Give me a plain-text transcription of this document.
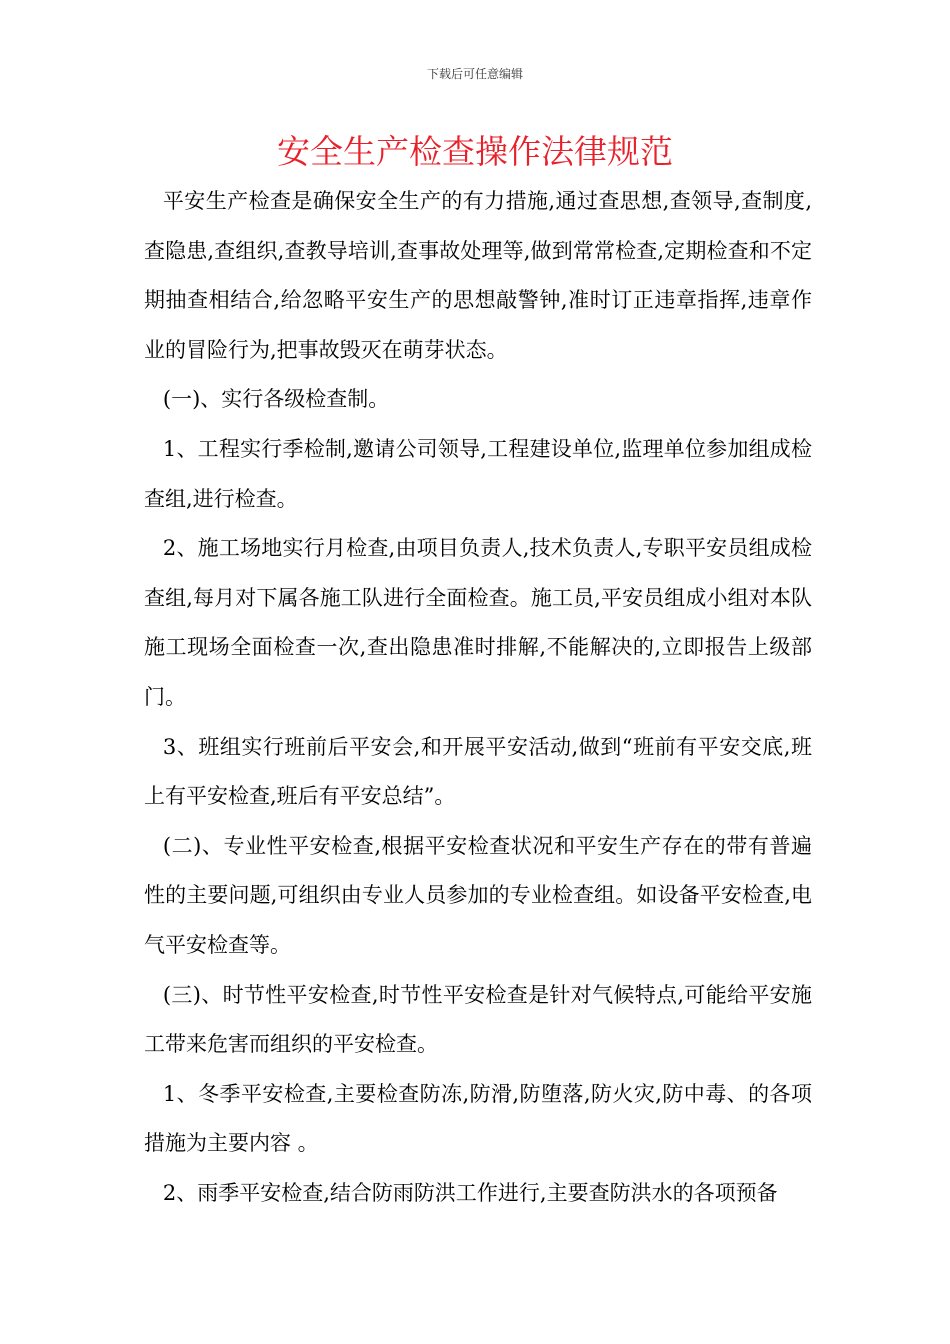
下载后可任意编辑
安全生产检查操作法律规范

平安生产检查是确保安全生产的有力措施,通过查思想,查领导,查制度,查隐患,查组织,查教导培训,查事故处理等,做到常常检查,定期检查和不定期抽查相结合,给忽略平安生产的思想敲警钟,准时订正违章指挥,违章作业的冒险行为,把事故毁灭在萌芽状态。

(一)、实行各级检查制。

1、工程实行季检制,邀请公司领导,工程建设单位,监理单位参加组成检查组,进行检查。

2、施工场地实行月检查,由项目负责人,技术负责人,专职平安员组成检查组,每月对下属各施工队进行全面检查。施工员,平安员组成小组对本队施工现场全面检查一次,查出隐患准时排解,不能解决的,立即报告上级部门。

3、班组实行班前后平安会,和开展平安活动,做到“班前有平安交底,班上有平安检查,班后有平安总结”。

(二)、专业性平安检查,根据平安检查状况和平安生产存在的带有普遍性的主要问题,可组织由专业人员参加的专业检查组。如设备平安检查,电气平安检查等。

(三)、时节性平安检查,时节性平安检查是针对气候特点,可能给平安施工带来危害而组织的平安检查。

1、冬季平安检查,主要检查防冻,防滑,防堕落,防火灾,防中毒、的各项措施为主要内容 。

2、雨季平安检查,结合防雨防洪工作进行,主要查防洪水的各项预备
